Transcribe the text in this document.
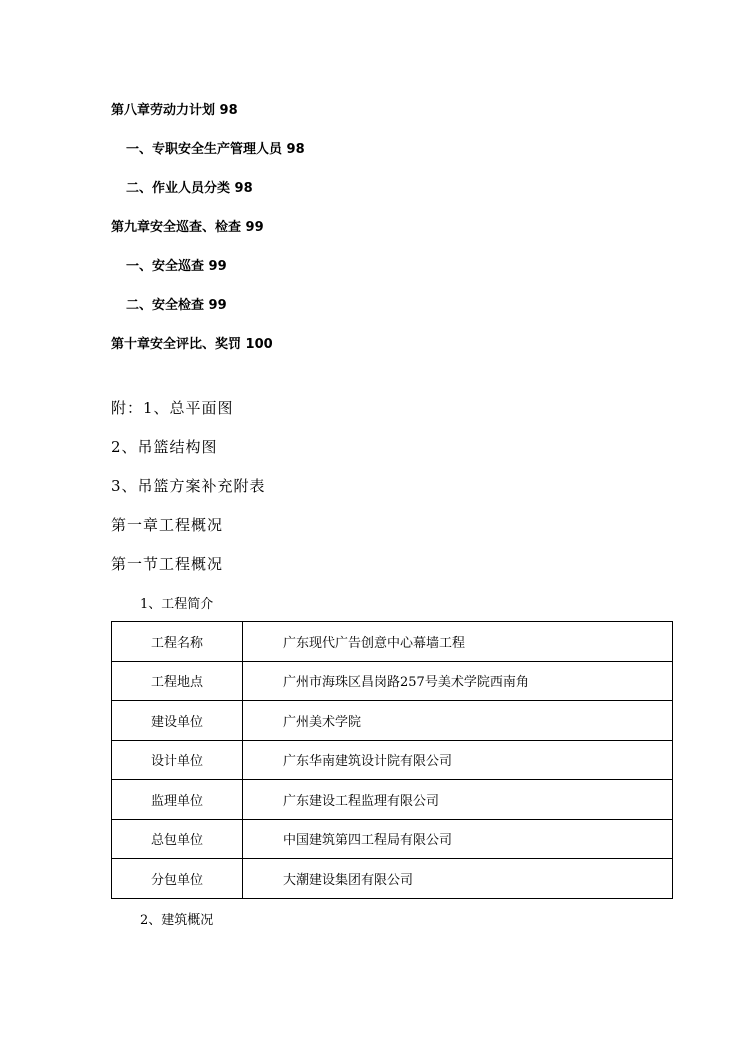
第八章劳动力计划 98
一、专职安全生产管理人员 98
二、作业人员分类 98
第九章安全巡查、检查 99
一、安全巡查 99
二、安全检查 99
第十章安全评比、奖罚 100
附：1、总平面图
2、吊篮结构图
3、吊篮方案补充附表
第一章工程概况
第一节工程概况
1、工程简介
工程名称	广东现代广告创意中心幕墙工程
工程地点	广州市海珠区昌岗路257号美术学院西南角
建设单位	广州美术学院
设计单位	广东华南建筑设计院有限公司
监理单位	广东建设工程监理有限公司
总包单位	中国建筑第四工程局有限公司
分包单位	大潮建设集团有限公司
2、建筑概况
